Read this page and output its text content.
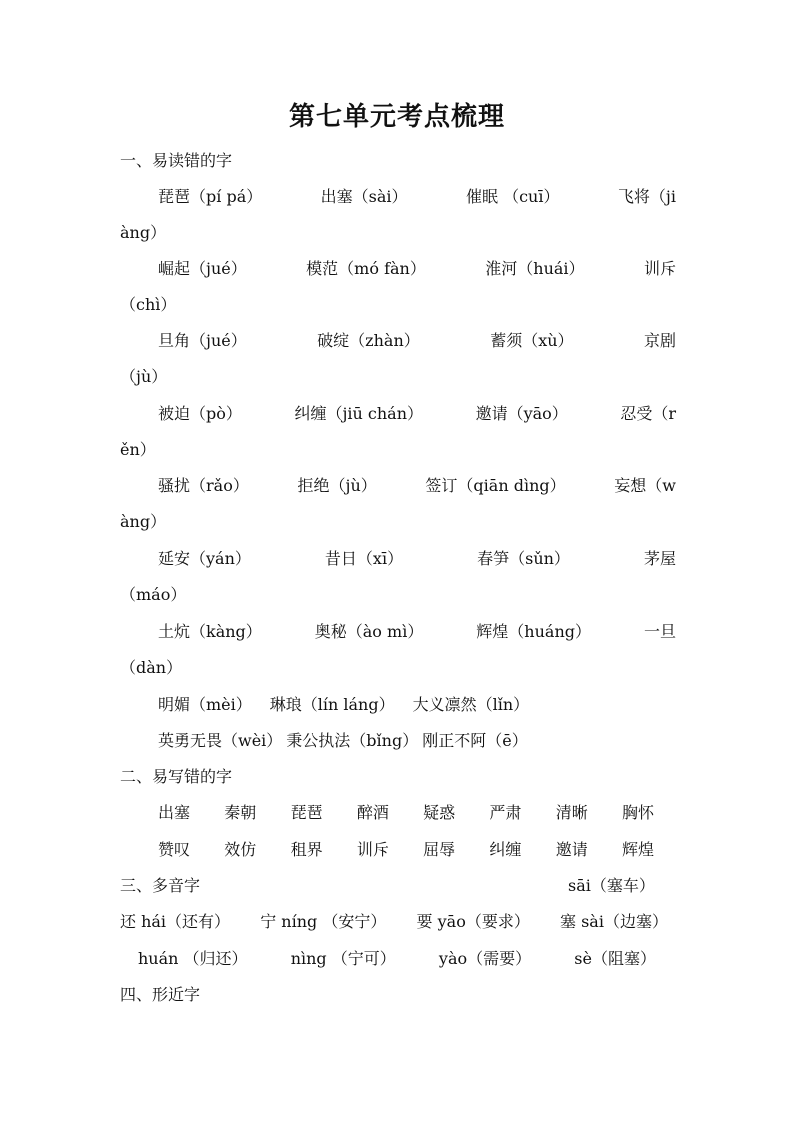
第七单元考点梳理
一、易读错的字
琵琶（pí pá）	出塞（sài）	催眠 （cuī）	飞将（ji
àng）
崛起（jué）	模范（mó fàn）	淮河（huái）	训斥
（chì）
旦角（jué）	破绽（zhàn）	蓄须（xù）	京剧
（jù）
被迫（pò）	纠缠（jiū chán）	邀请（yāo）	忍受（r
ěn）
骚扰（rǎo）	拒绝（jù）	签订（qiān dìng）	妄想（w
àng）
延安（yán）	昔日（xī）	春笋（sǔn）	茅屋
（máo）
土炕（kàng）	奥秘（ào mì）	辉煌（huáng）	一旦
（dàn）
明媚（mèi） 琳琅（lín láng） 大义凛然（lǐn）
英勇无畏（wèi） 秉公执法（bǐng） 刚正不阿（ē）
二、易写错的字
出塞 秦朝 琵琶 醉酒 疑惑 严肃 清晰 胸怀
赞叹 效仿 租界 训斥 屈辱 纠缠 邀请 辉煌
三、多音字	sāi（塞车）
还 hái（还有） 宁 níng （安宁） 要 yāo（要求） 塞 sài（边塞）
huán （归还）	nìng （宁可）	yào（需要）	sè（阻塞）
四、形近字
